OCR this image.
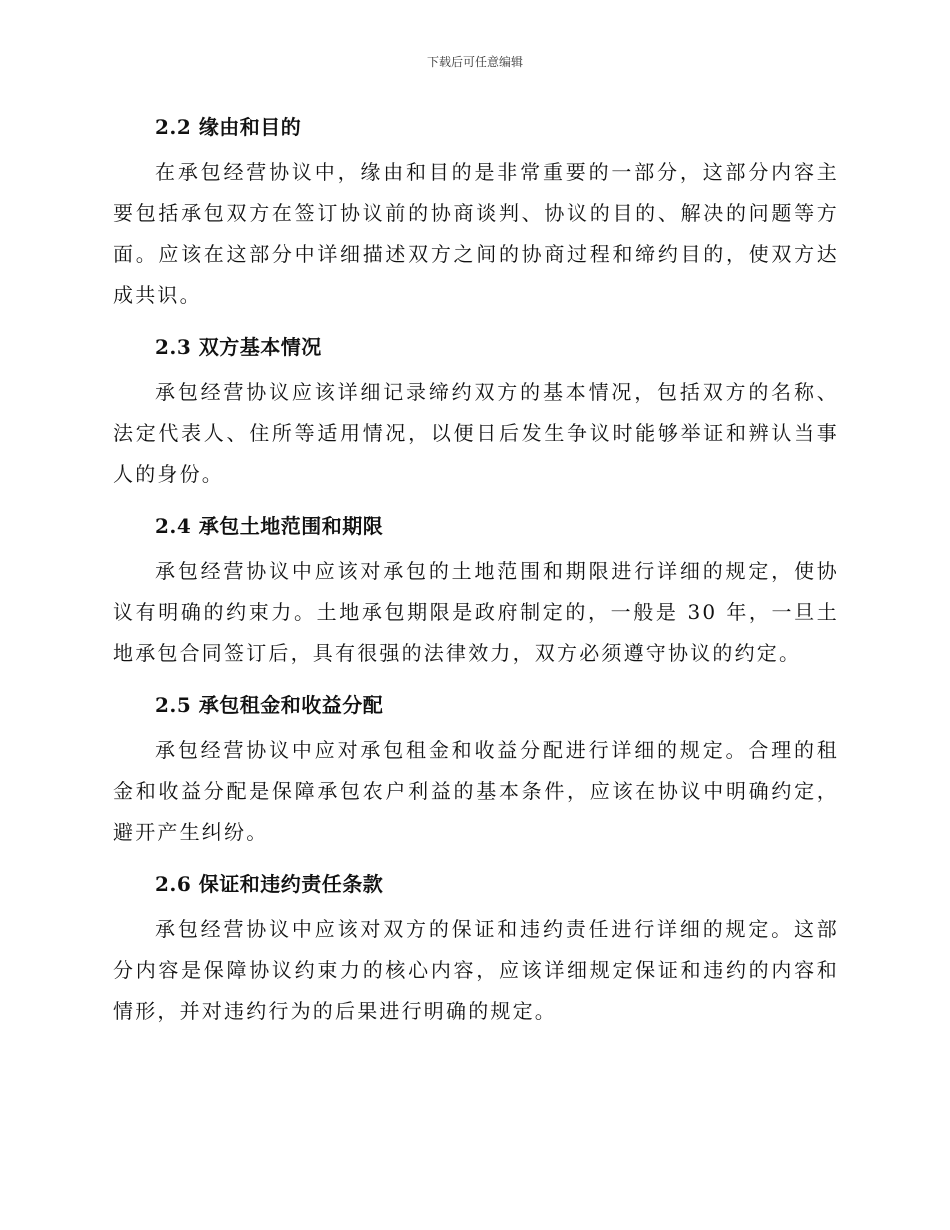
下载后可任意编辑
2.2 缘由和目的

在承包经营协议中，缘由和目的是非常重要的一部分，这部分内容主要包括承包双方在签订协议前的协商谈判、协议的目的、解决的问题等方面。应该在这部分中详细描述双方之间的协商过程和缔约目的，使双方达成共识。

2.3 双方基本情况

承包经营协议应该详细记录缔约双方的基本情况，包括双方的名称、法定代表人、住所等适用情况，以便日后发生争议时能够举证和辨认当事人的身份。

2.4 承包土地范围和期限

承包经营协议中应该对承包的土地范围和期限进行详细的规定，使协议有明确的约束力。土地承包期限是政府制定的，一般是 30 年，一旦土地承包合同签订后，具有很强的法律效力，双方必须遵守协议的约定。

2.5 承包租金和收益分配

承包经营协议中应对承包租金和收益分配进行详细的规定。合理的租金和收益分配是保障承包农户利益的基本条件，应该在协议中明确约定，避开产生纠纷。

2.6 保证和违约责任条款

承包经营协议中应该对双方的保证和违约责任进行详细的规定。这部分内容是保障协议约束力的核心内容，应该详细规定保证和违约的内容和情形，并对违约行为的后果进行明确的规定。
